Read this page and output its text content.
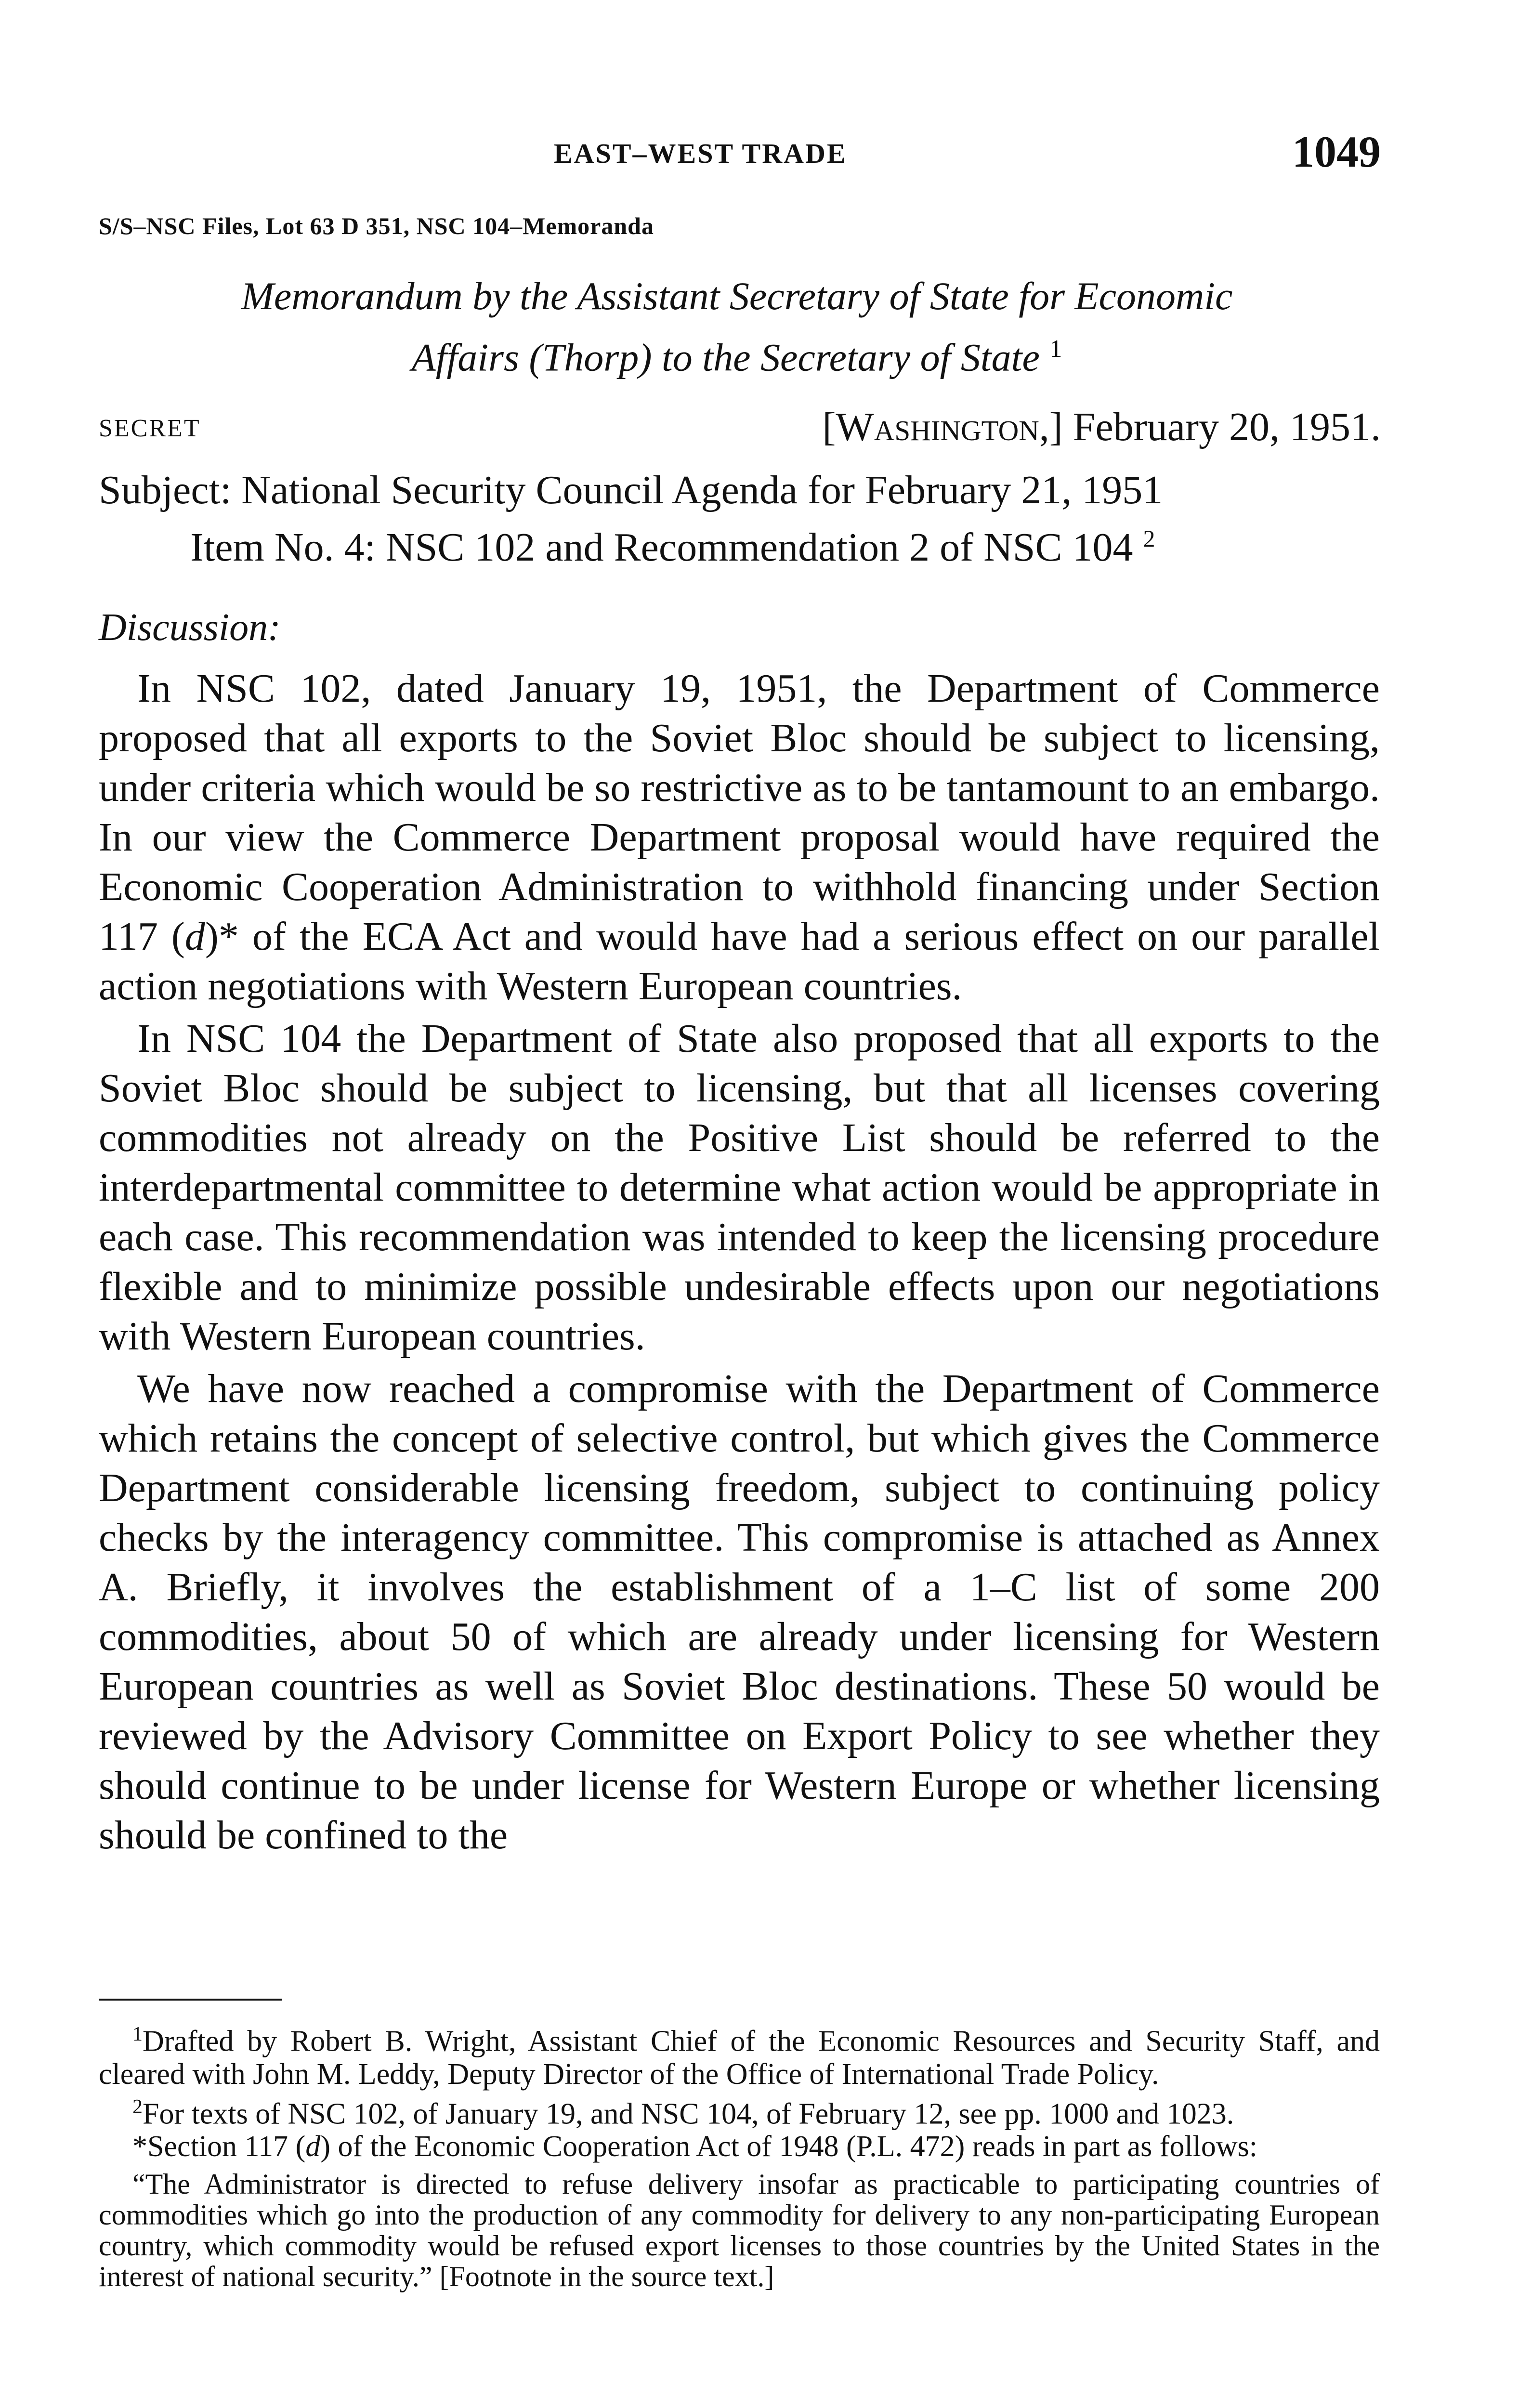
EAST–WEST TRADE	1049
S/S–NSC Files, Lot 63 D 351, NSC 104–Memoranda
Memorandum by the Assistant Secretary of State for Economic
Affairs (Thorp) to the Secretary of State $^1$
SECRET	[Washington,] February 20, 1951.
Subject: National Security Council Agenda for February 21, 1951
Item No. 4: NSC 102 and Recommendation 2 of NSC 104 $^2$
Discussion:

In NSC 102, dated January 19, 1951, the Department of Commerce proposed that all exports to the Soviet Bloc should be subject to licensing, under criteria which would be so restrictive as to be tantamount to an embargo. In our view the Commerce Department proposal would have required the Economic Cooperation Administration to withhold financing under Section 117 (d)* of the ECA Act and would have had a serious effect on our parallel action negotiations with Western European countries.

In NSC 104 the Department of State also proposed that all exports to the Soviet Bloc should be subject to licensing, but that all licenses covering commodities not already on the Positive List should be referred to the interdepartmental committee to determine what action would be appropriate in each case. This recommendation was intended to keep the licensing procedure flexible and to minimize possible undesirable effects upon our negotiations with Western European countries.

We have now reached a compromise with the Department of Commerce which retains the concept of selective control, but which gives the Commerce Department considerable licensing freedom, subject to continuing policy checks by the interagency committee. This compromise is attached as Annex A. Briefly, it involves the establishment of a 1–C list of some 200 commodities, about 50 of which are already under licensing for Western European countries as well as Soviet Bloc destinations. These 50 would be reviewed by the Advisory Committee on Export Policy to see whether they should continue to be under license for Western Europe or whether licensing should be confined to the

$^1$Drafted by Robert B. Wright, Assistant Chief of the Economic Resources and Security Staff, and cleared with John M. Leddy, Deputy Director of the Office of International Trade Policy.

$^2$For texts of NSC 102, of January 19, and NSC 104, of February 12, see pp. 1000 and 1023.

*Section 117 (d) of the Economic Cooperation Act of 1948 (P.L. 472) reads in part as follows:

“The Administrator is directed to refuse delivery insofar as practicable to participating countries of commodities which go into the production of any commodity for delivery to any non-participating European country, which commodity would be refused export licenses to those countries by the United States in the interest of national security.” [Footnote in the source text.]
